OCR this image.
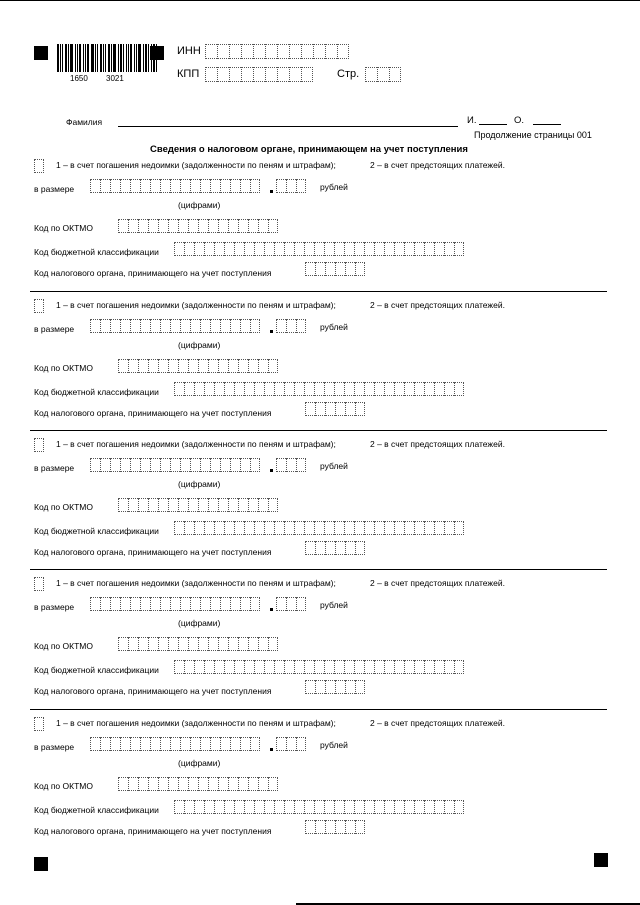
1650 3021
ИНН
КПП	Стр.
Фамилия	И.	О.
Продолжение страницы 001
Сведения о налоговом органе, принимающем на учет поступления
1 – в счет погашения недоимки (задолженности по пеням и штрафам);	2 – в счет предстоящих платежей.
в размере	рублей
(цифрами)
Код по ОКТМО
Код бюджетной классификации
Код налогового органа, принимающего на учет поступления
1 – в счет погашения недоимки (задолженности по пеням и штрафам);	2 – в счет предстоящих платежей.
в размере	рублей
(цифрами)
Код по ОКТМО
Код бюджетной классификации
Код налогового органа, принимающего на учет поступления
1 – в счет погашения недоимки (задолженности по пеням и штрафам);	2 – в счет предстоящих платежей.
в размере	рублей
(цифрами)
Код по ОКТМО
Код бюджетной классификации
Код налогового органа, принимающего на учет поступления
1 – в счет погашения недоимки (задолженности по пеням и штрафам);	2 – в счет предстоящих платежей.
в размере	рублей
(цифрами)
Код по ОКТМО
Код бюджетной классификации
Код налогового органа, принимающего на учет поступления
1 – в счет погашения недоимки (задолженности по пеням и штрафам);	2 – в счет предстоящих платежей.
в размере	рублей
(цифрами)
Код по ОКТМО
Код бюджетной классификации
Код налогового органа, принимающего на учет поступления
